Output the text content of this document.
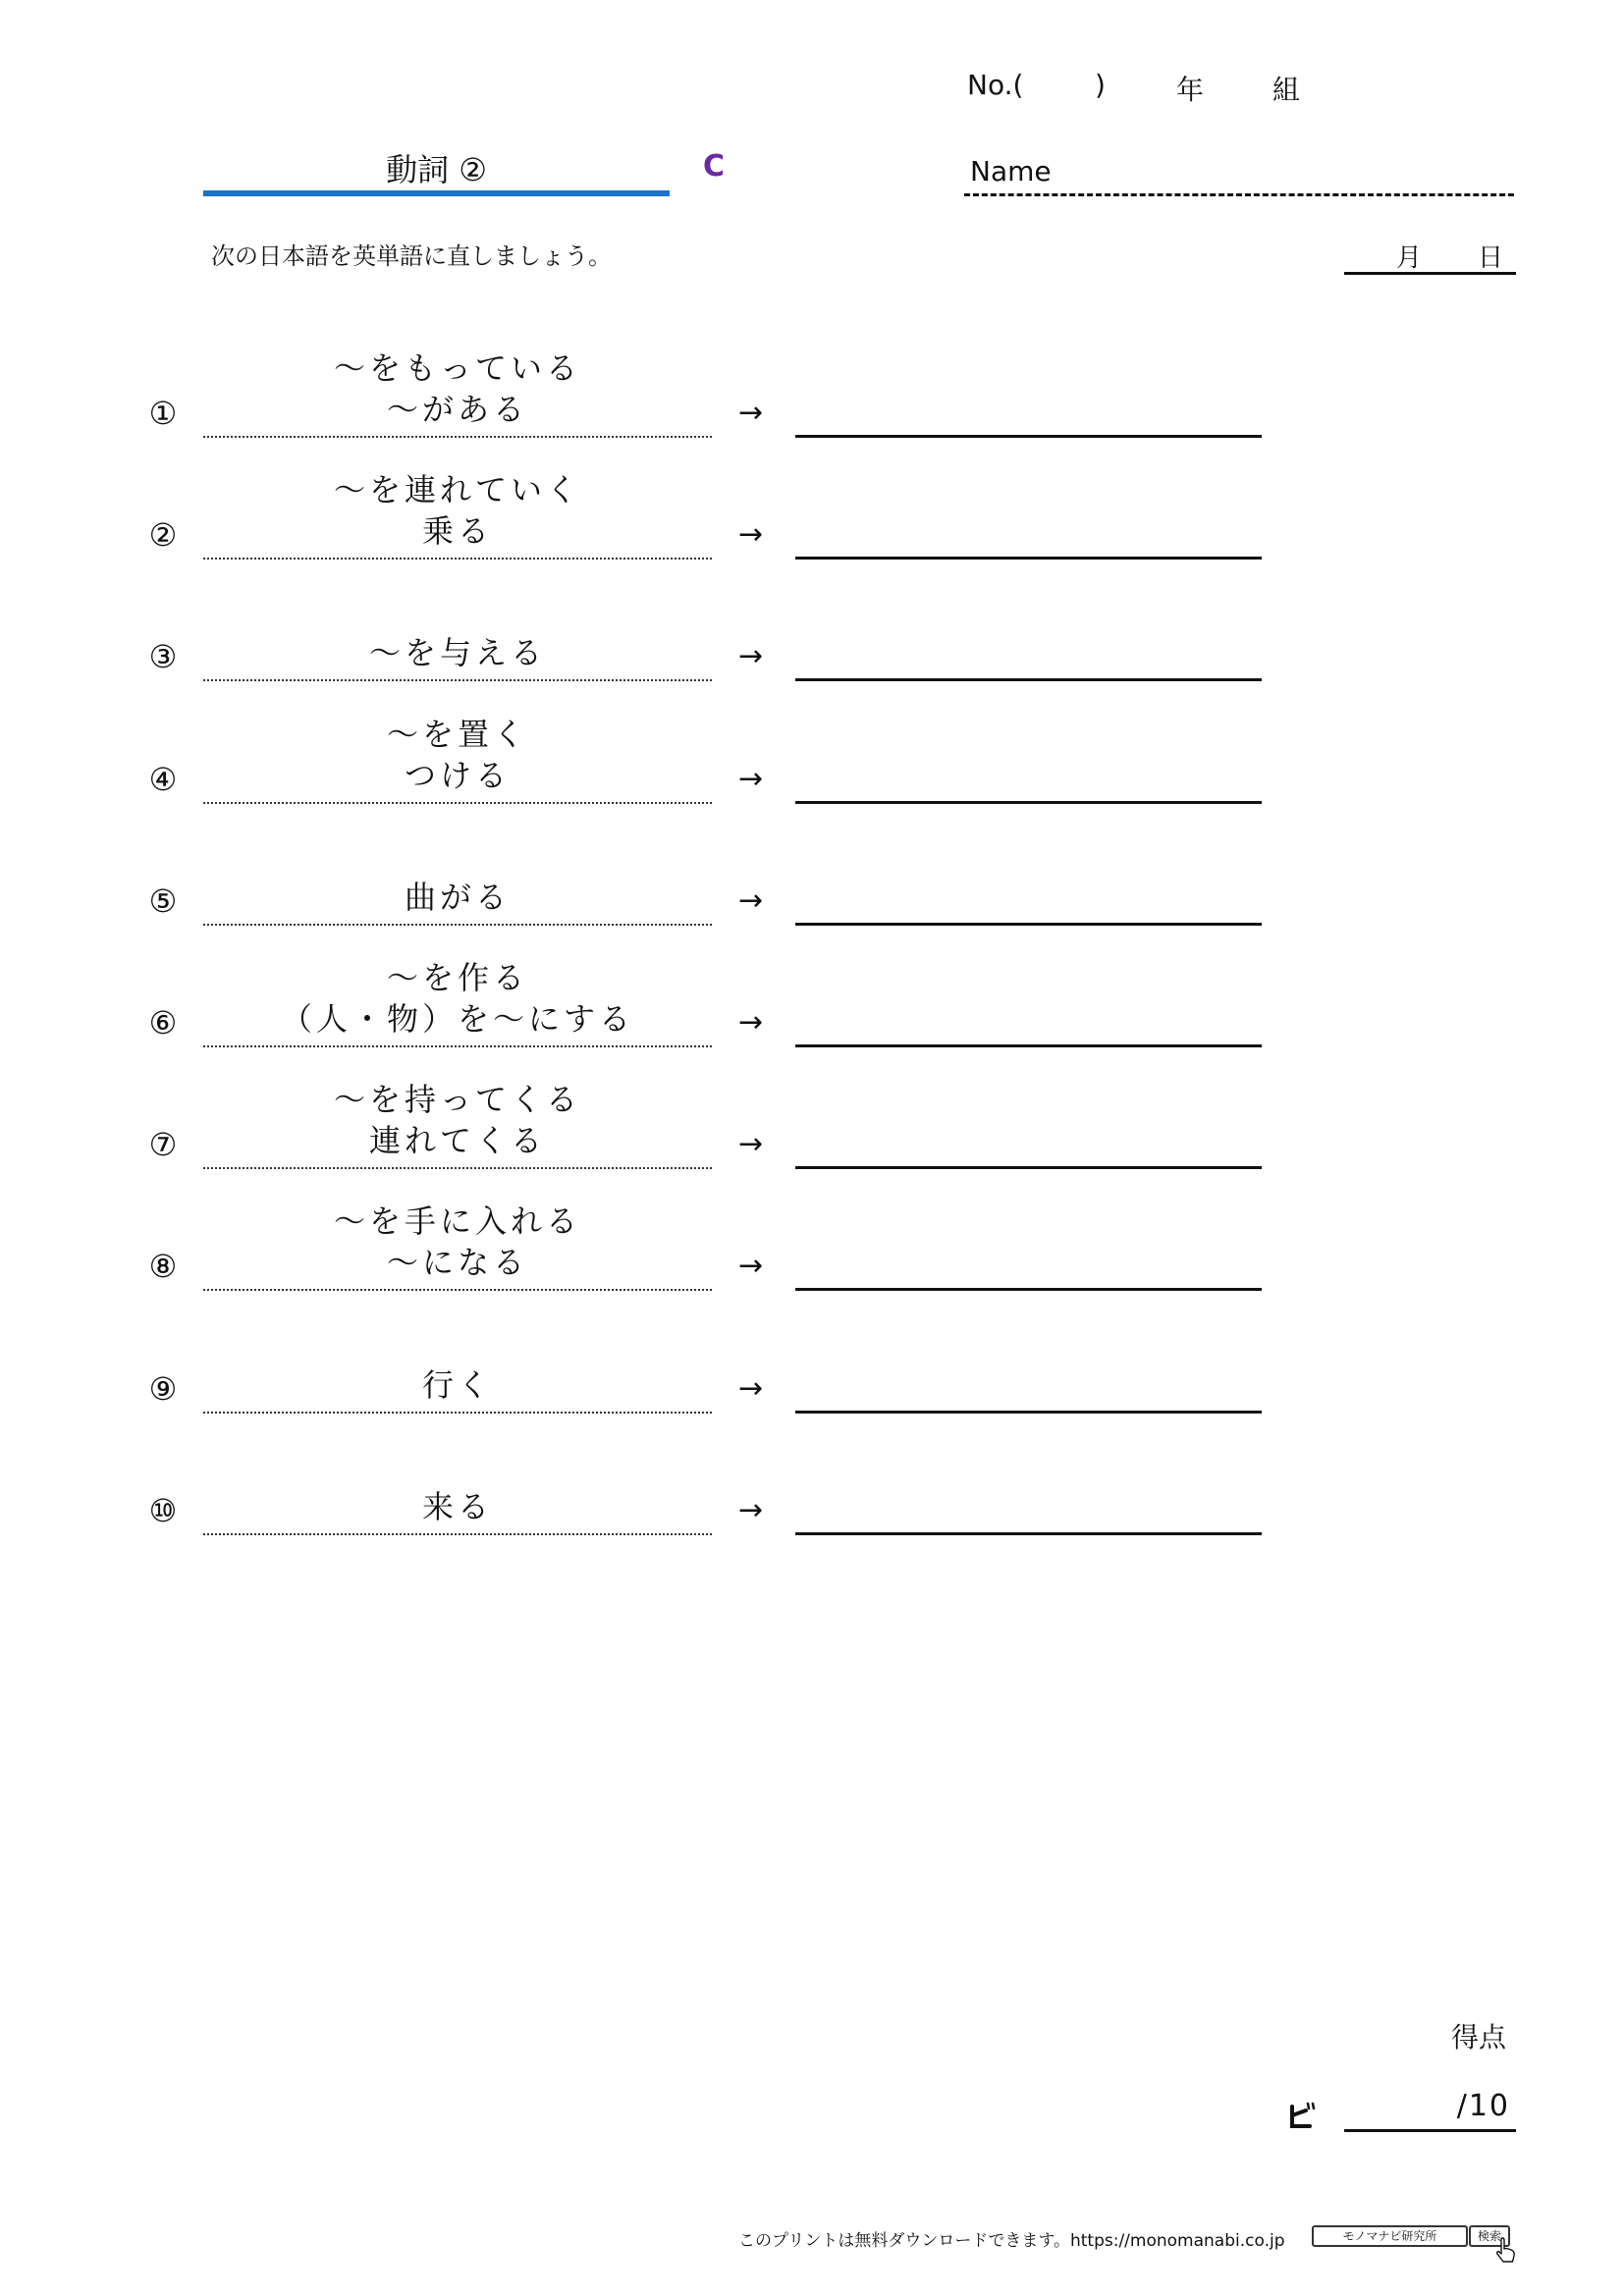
No.(	)	年 組
動詞 ②	C	Name
次の日本語を英単語に直しましょう。	月 日
①
～をもっている
～がある	→
②
～を連れていく
乗る	→
③	～を与える	→
④
～を置く
つける	→
⑤	曲がる	→
⑥
～を作る
（人・物）を～にする	→
⑦
～を持ってくる
連れてくる	→
⑧
～を手に入れる
～になる	→
⑨	行く	→
⑩	来る	→
得点
/10
このプリントは無料ダウンロードできます。https://monomanabi.co.jp	モノマナビ研究所	検索
